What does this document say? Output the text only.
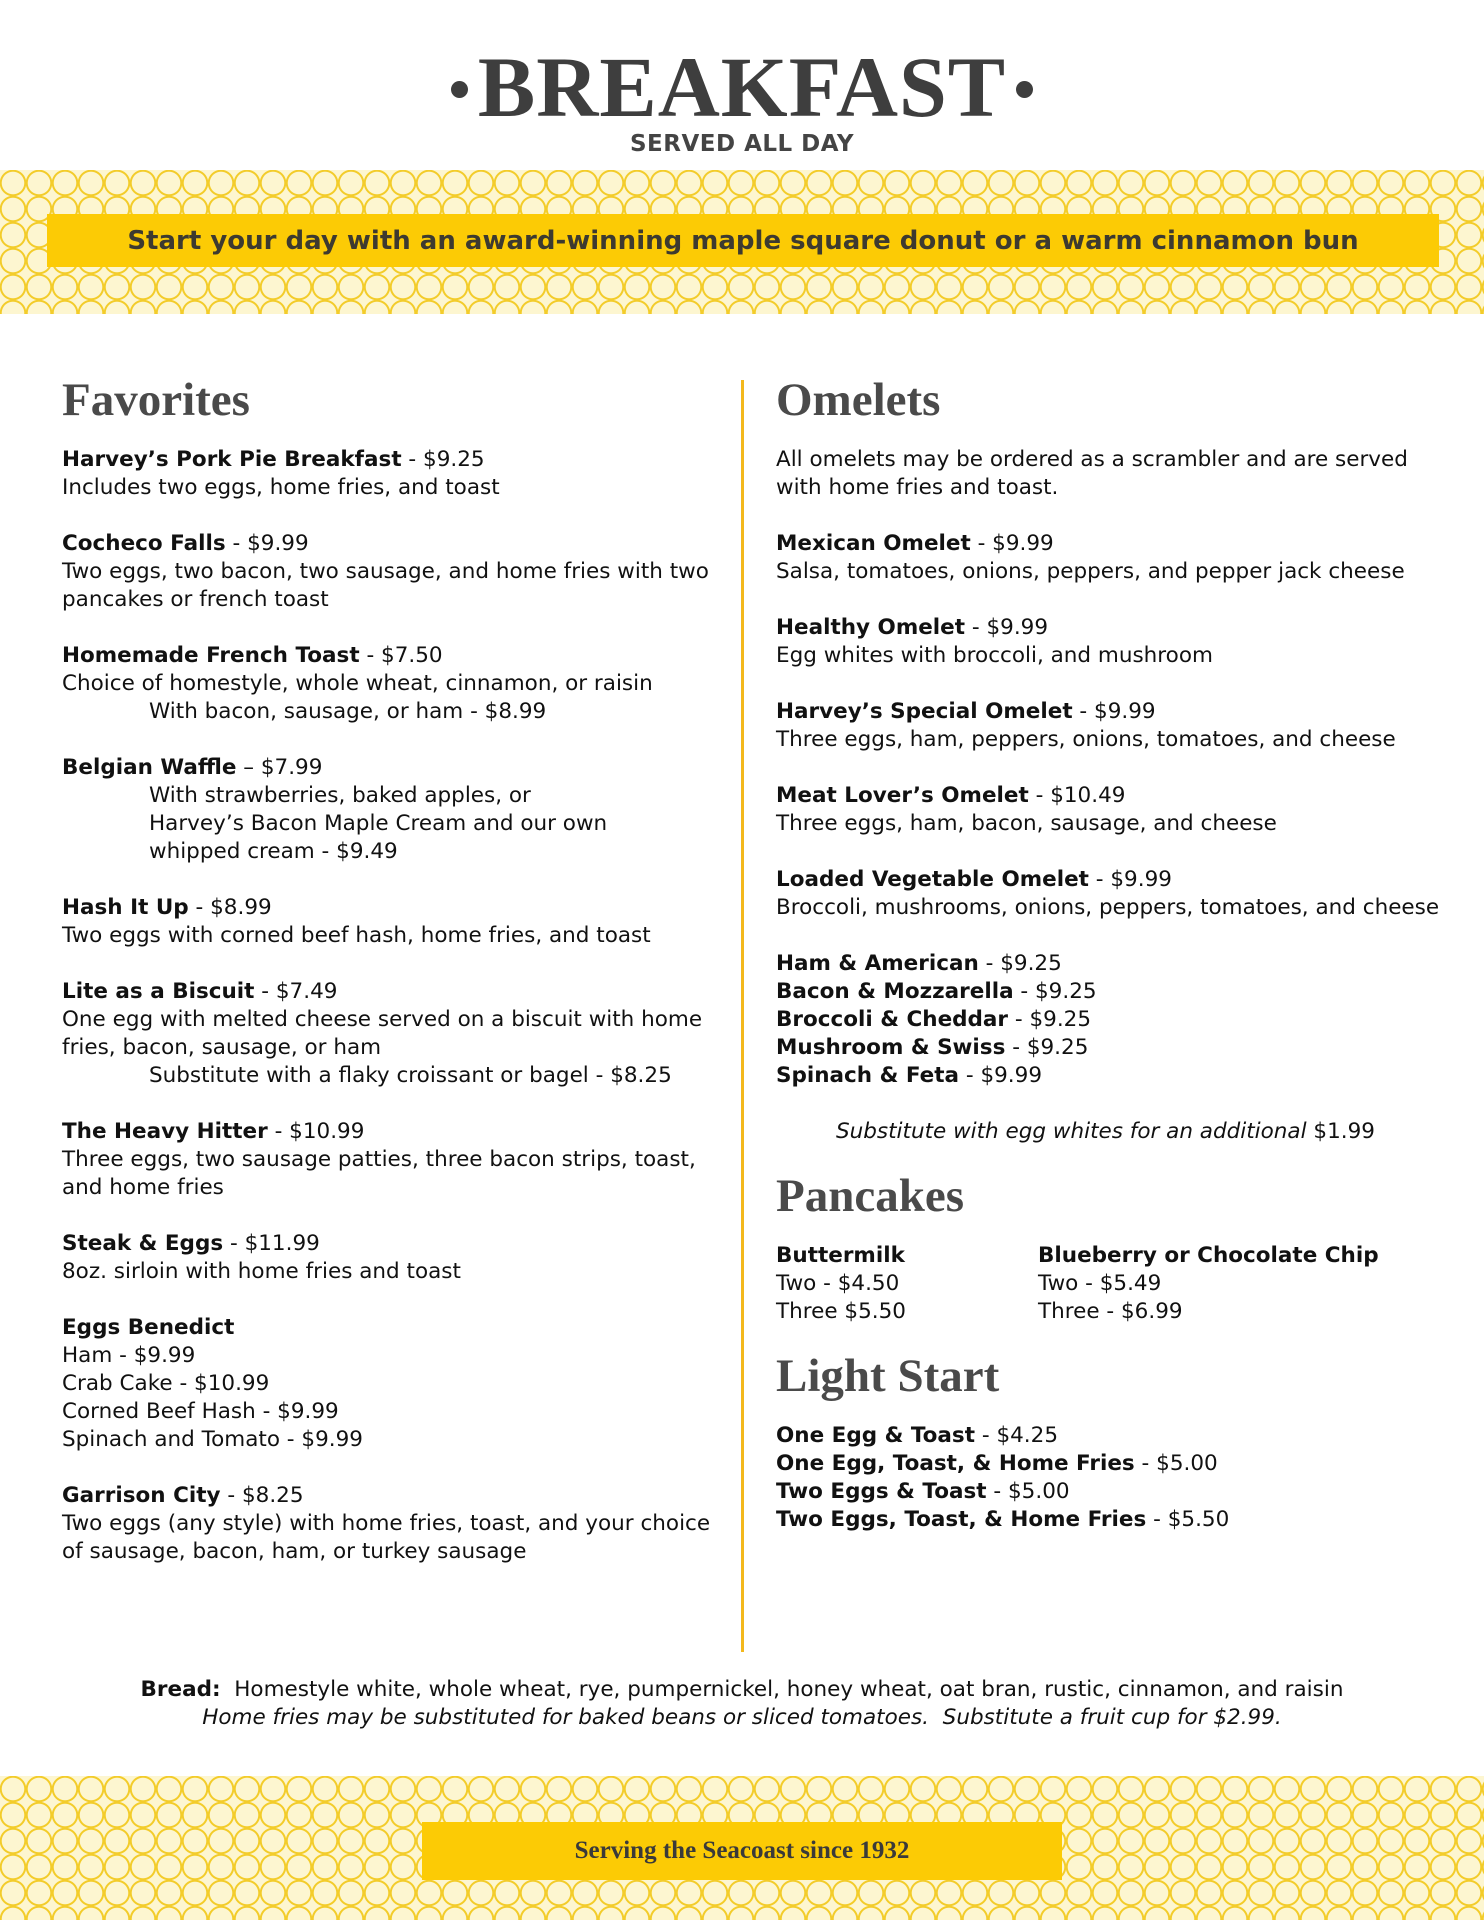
BREAKFAST
SERVED ALL DAY
Start your day with an award-winning maple square donut or a warm cinnamon bun
Favorites
Harvey’s Pork Pie Breakfast - $9.25
Includes two eggs, home fries, and toast
Cocheco Falls - $9.99
Two eggs, two bacon, two sausage, and home fries with two pancakes or french toast
Homemade French Toast - $7.50
Choice of homestyle, whole wheat, cinnamon, or raisin
With bacon, sausage, or ham - $8.99
Belgian Waffle – $7.99
With strawberries, baked apples, or Harvey’s Bacon Maple Cream and our own whipped cream - $9.49
Hash It Up - $8.99
Two eggs with corned beef hash, home fries, and toast
Lite as a Biscuit - $7.49
One egg with melted cheese served on a biscuit with home fries, bacon, sausage, or ham
Substitute with a flaky croissant or bagel - $8.25
The Heavy Hitter - $10.99
Three eggs, two sausage patties, three bacon strips, toast, and home fries
Steak & Eggs - $11.99
8oz. sirloin with home fries and toast
Eggs Benedict
Ham - $9.99
Crab Cake - $10.99
Corned Beef Hash - $9.99
Spinach and Tomato - $9.99
Garrison City - $8.25
Two eggs (any style) with home fries, toast, and your choice of sausage, bacon, ham, or turkey sausage
Omelets
All omelets may be ordered as a scrambler and are served with home fries and toast.
Mexican Omelet - $9.99
Salsa, tomatoes, onions, peppers, and pepper jack cheese
Healthy Omelet - $9.99
Egg whites with broccoli, and mushroom
Harvey’s Special Omelet - $9.99
Three eggs, ham, peppers, onions, tomatoes, and cheese
Meat Lover’s Omelet - $10.49
Three eggs, ham, bacon, sausage, and cheese
Loaded Vegetable Omelet - $9.99
Broccoli, mushrooms, onions, peppers, tomatoes, and cheese
Ham & American - $9.25
Bacon & Mozzarella - $9.25
Broccoli & Cheddar - $9.25
Mushroom & Swiss - $9.25
Spinach & Feta - $9.99
Substitute with egg whites for an additional $1.99
Pancakes
Buttermilk
Two - $4.50
Three $5.50
Blueberry or Chocolate Chip
Two - $5.49
Three - $6.99
Light Start
One Egg & Toast - $4.25
One Egg, Toast, & Home Fries - $5.00
Two Eggs & Toast - $5.00
Two Eggs, Toast, & Home Fries - $5.50
Bread:  Homestyle white, whole wheat, rye, pumpernickel, honey wheat, oat bran, rustic, cinnamon, and raisin
Home fries may be substituted for baked beans or sliced tomatoes.  Substitute a fruit cup for $2.99.
Serving the Seacoast since 1932
